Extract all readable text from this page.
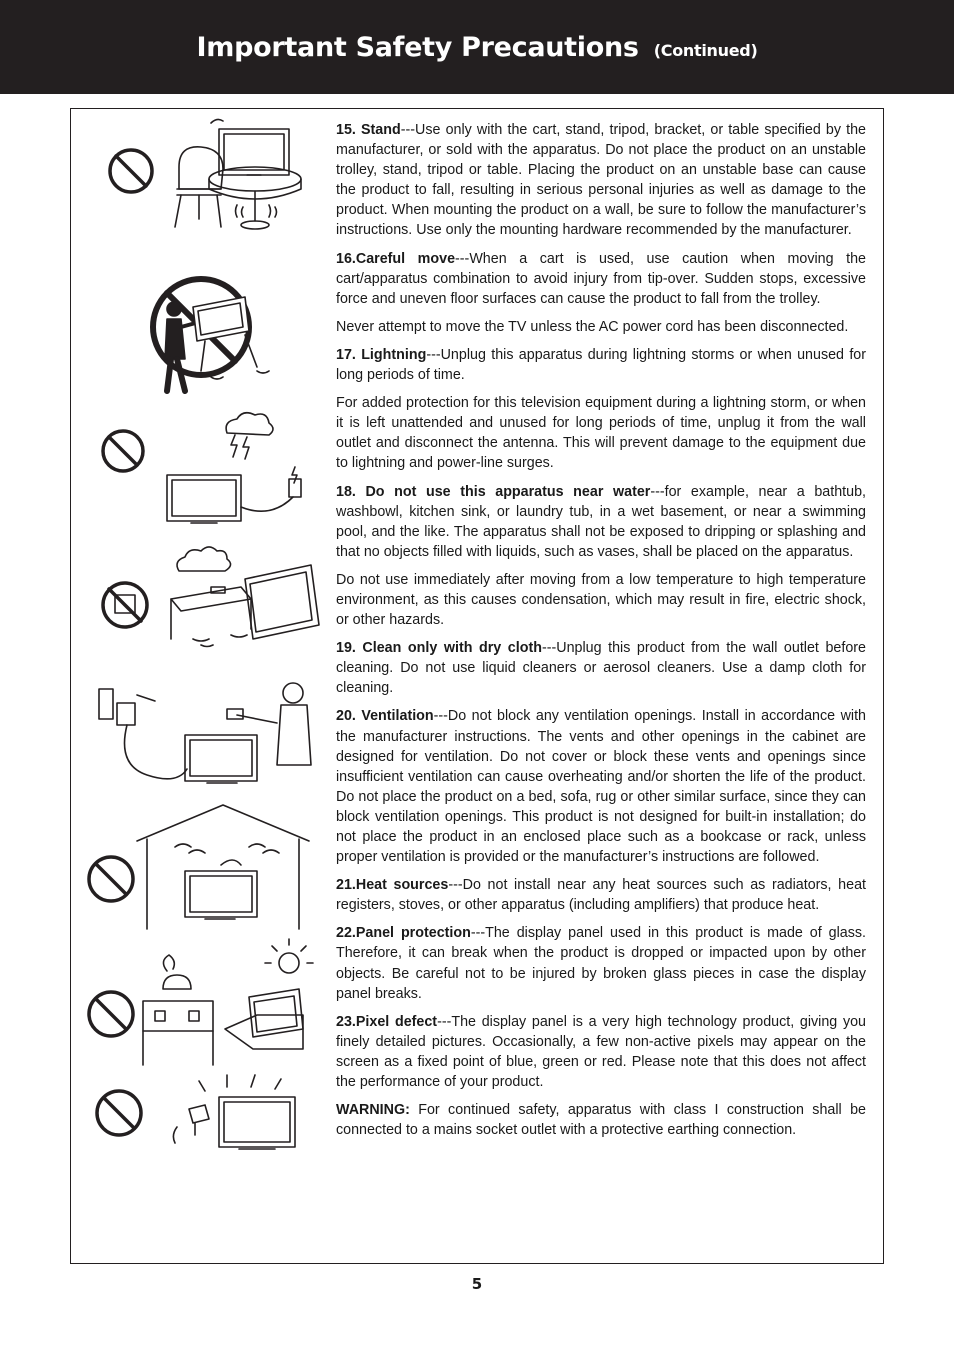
Important Safety Precautions (Continued)

15. Stand---Use only with the cart, stand, tripod, bracket, or table specified by the manufacturer, or sold with the apparatus. Do not place the product on an unstable trolley, stand, tripod or table. Placing the product on an unstable base can cause the product to fall, resulting in serious personal injuries as well as damage to the product. When mounting the product on a wall, be sure to follow the manufacturer’s instructions. Use only the mounting hardware recommended by the manufacturer.

16.Careful move---When a cart is used, use caution when moving the cart/apparatus combination to avoid injury from tip-over. Sudden stops, excessive force and uneven floor surfaces can cause the product to fall from the trolley.

Never attempt to move the TV unless the AC power cord has been disconnected.

17. Lightning---Unplug this apparatus during lightning storms or when unused for long periods of time.

For added protection for this television equipment during a lightning storm, or when it is left unattended and unused for long periods of time, unplug it from the wall outlet and disconnect the antenna. This will prevent damage to the equipment due to lightning and power-line surges.

18. Do not use this apparatus near water---for example, near a bathtub, washbowl, kitchen sink, or laundry tub, in a wet basement, or near a swimming pool, and the like. The apparatus shall not be exposed to dripping or splashing and that no objects filled with liquids, such as vases, shall be placed on the apparatus.

Do not use immediately after moving from a low temperature to high temperature environment, as this causes condensation, which may result in fire, electric shock, or other hazards.

19. Clean only with dry cloth---Unplug this product from the wall outlet before cleaning. Do not use liquid cleaners or aerosol cleaners. Use a damp cloth for cleaning.

20. Ventilation---Do not block any ventilation openings. Install in accordance with the manufacturer instructions. The vents and other openings in the cabinet are designed for ventilation. Do not cover or block these vents and openings since insufficient ventilation can cause overheating and/or shorten the life of the product. Do not place the product on a bed, sofa, rug or other similar surface, since they can block ventilation openings. This product is not designed for built-in installation; do not place the product in an enclosed place such as a bookcase or rack, unless proper ventilation is provided or the manufacturer’s instructions are followed.

21.Heat sources---Do not install near any heat sources such as radiators, heat registers, stoves, or other apparatus (including amplifiers) that produce heat.

22.Panel protection---The display panel used in this product is made of glass. Therefore, it can break when the product is dropped or impacted upon by other objects. Be careful not to be injured by broken glass pieces in case the display panel breaks.

23.Pixel defect---The display panel is a very high technology product, giving you finely detailed pictures. Occasionally, a few non-active pixels may appear on the screen as a fixed point of blue, green or red. Please note that this does not affect the performance of your product.

WARNING: For continued safety, apparatus with class I construction shall be connected to a mains socket outlet with a protective earthing connection.

5
